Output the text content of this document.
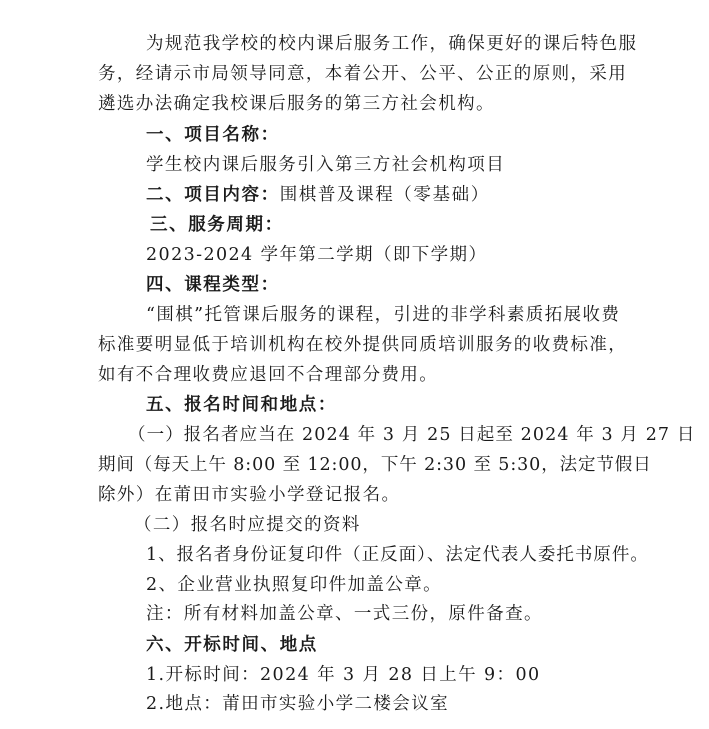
为规范我学校的校内课后服务工作，确保更好的课后特色服
务，经请示市局领导同意，本着公开、公平、公正的原则，采用
遴选办法确定我校课后服务的第三方社会机构。
一、项目名称：
学生校内课后服务引入第三方社会机构项目
二、项目内容：围棋普及课程（零基础）
三、服务周期：
2023-2024 学年第二学期（即下学期）
四、课程类型：
“围棋”托管课后服务的课程，引进的非学科素质拓展收费
标准要明显低于培训机构在校外提供同质培训服务的收费标准，
如有不合理收费应退回不合理部分费用。
五、报名时间和地点：
（一）报名者应当在 2024 年 3 月 25 日起至 2024 年 3 月 27 日
期间（每天上午 8:00 至 12:00，下午 2:30 至 5:30，法定节假日
除外）在莆田市实验小学登记报名。
（二）报名时应提交的资料
1、报名者身份证复印件（正反面）、法定代表人委托书原件。
2、企业营业执照复印件加盖公章。
注：所有材料加盖公章、一式三份，原件备查。
六、开标时间、地点
1.开标时间：2024 年 3 月 28 日上午 9：00
2.地点：莆田市实验小学二楼会议室
